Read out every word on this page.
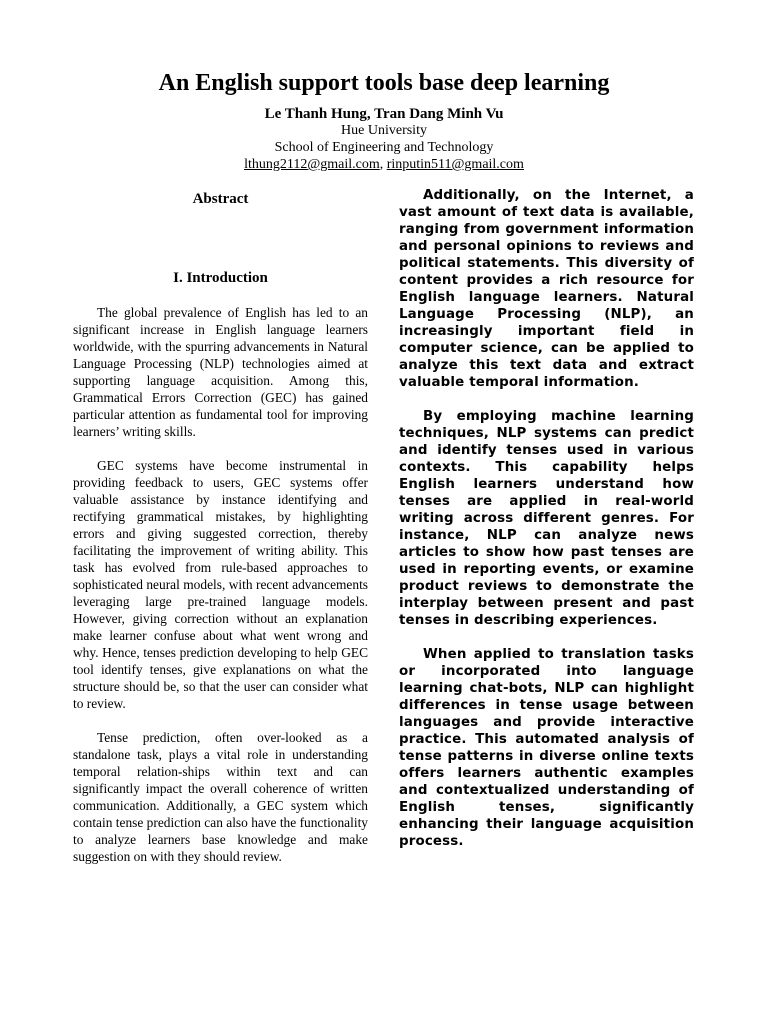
An English support tools base deep learning
Le Thanh Hung, Tran Dang Minh Vu
Hue University
School of Engineering and Technology
lthung2112@gmail.com, rinputin511@gmail.com
Abstract
I. Introduction

The global prevalence of English has led to an significant increase in English language learners worldwide, with the spurring advancements in Natural Language Processing (NLP) technologies aimed at supporting language acquisition. Among this, Grammatical Errors Correction (GEC) has gained particular attention as fundamental tool for improving learners’ writing skills.

GEC systems have become instrumental in providing feedback to users, GEC systems offer valuable assistance by instance identifying and rectifying grammatical mistakes, by highlighting errors and giving suggested correction, thereby facilitating the improvement of writing ability. This task has evolved from rule-based approaches to sophisticated neural models, with recent advancements leveraging large pre-trained language models. However, giving correction without an explanation make learner confuse about what went wrong and why. Hence, tenses prediction developing to help GEC tool identify tenses, give explanations on what the structure should be, so that the user can consider what to review.

Tense prediction, often over-looked as a standalone task, plays a vital role in understanding temporal relation-ships within text and can significantly impact the overall coherence of written communication. Additionally, a GEC system which contain tense prediction can also have the functionality to analyze learners base knowledge and make suggestion on with they should review.

Additionally, on the Internet, a vast amount of text data is available, ranging from government information and personal opinions to reviews and political statements. This diversity of content provides a rich resource for English language learners. Natural Language Processing (NLP), an increasingly important field in computer science, can be applied to analyze this text data and extract valuable temporal information.

By employing machine learning techniques, NLP systems can predict and identify tenses used in various contexts. This capability helps English learners understand how tenses are applied in real-world writing across different genres. For instance, NLP can analyze news articles to show how past tenses are used in reporting events, or examine product reviews to demonstrate the interplay between present and past tenses in describing experiences.

When applied to translation tasks or incorporated into language learning chat-bots, NLP can highlight differences in tense usage between languages and provide interactive practice. This automated analysis of tense patterns in diverse online texts offers learners authentic examples and contextualized understanding of English tenses, significantly enhancing their language acquisition process.
